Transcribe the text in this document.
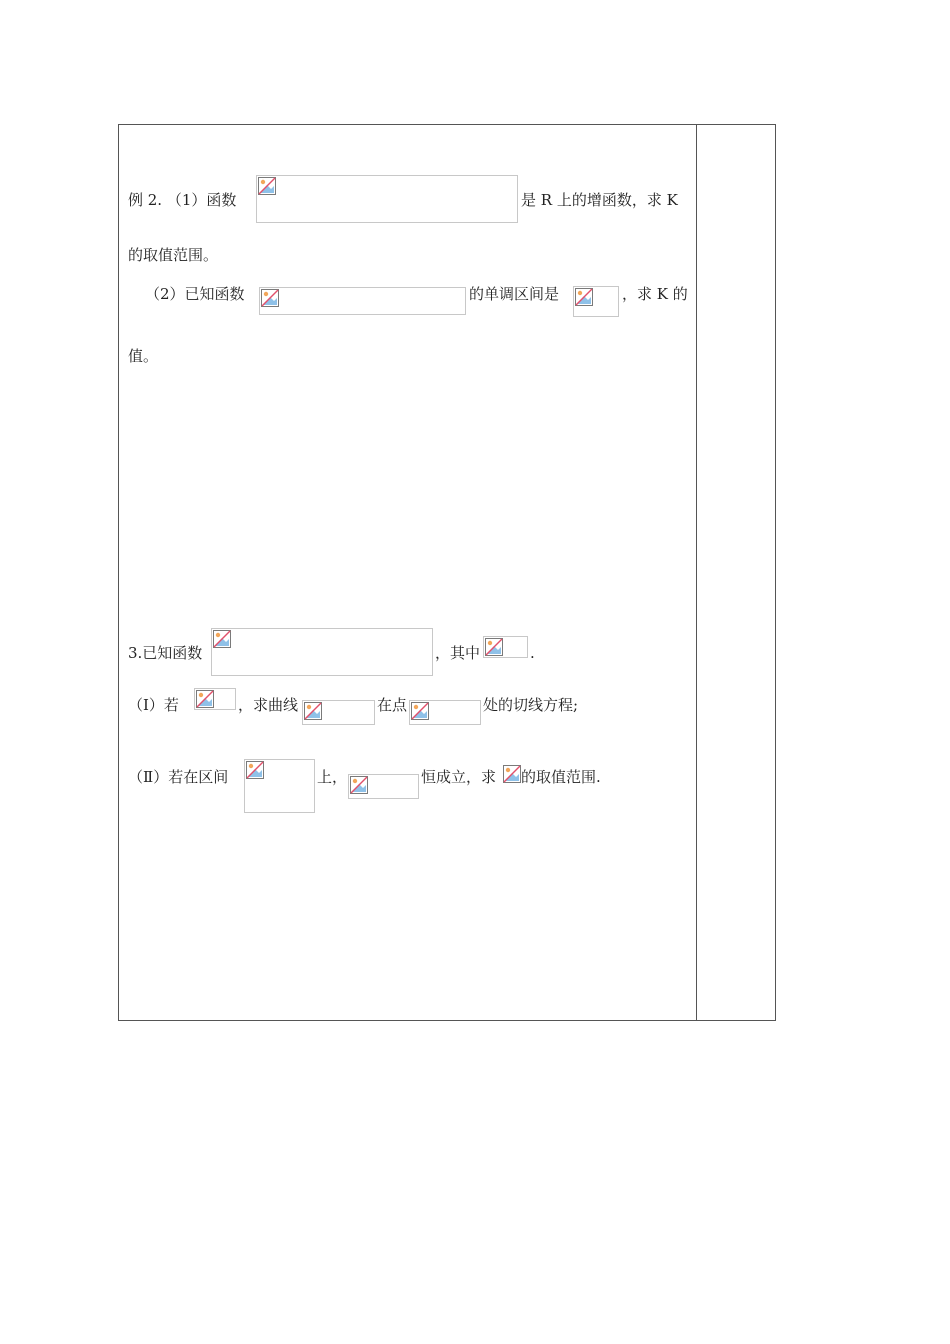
例 2. （1）函数	是 R 上的增函数，求 K
的取值范围。
（2）已知函数	的单调区间是	，求 K 的
值。
3.已知函数	，其中	.
（Ⅰ）若	，求曲线	在点	处的切线方程;
（Ⅱ）若在区间	上，	恒成立，求 的取值范围.
